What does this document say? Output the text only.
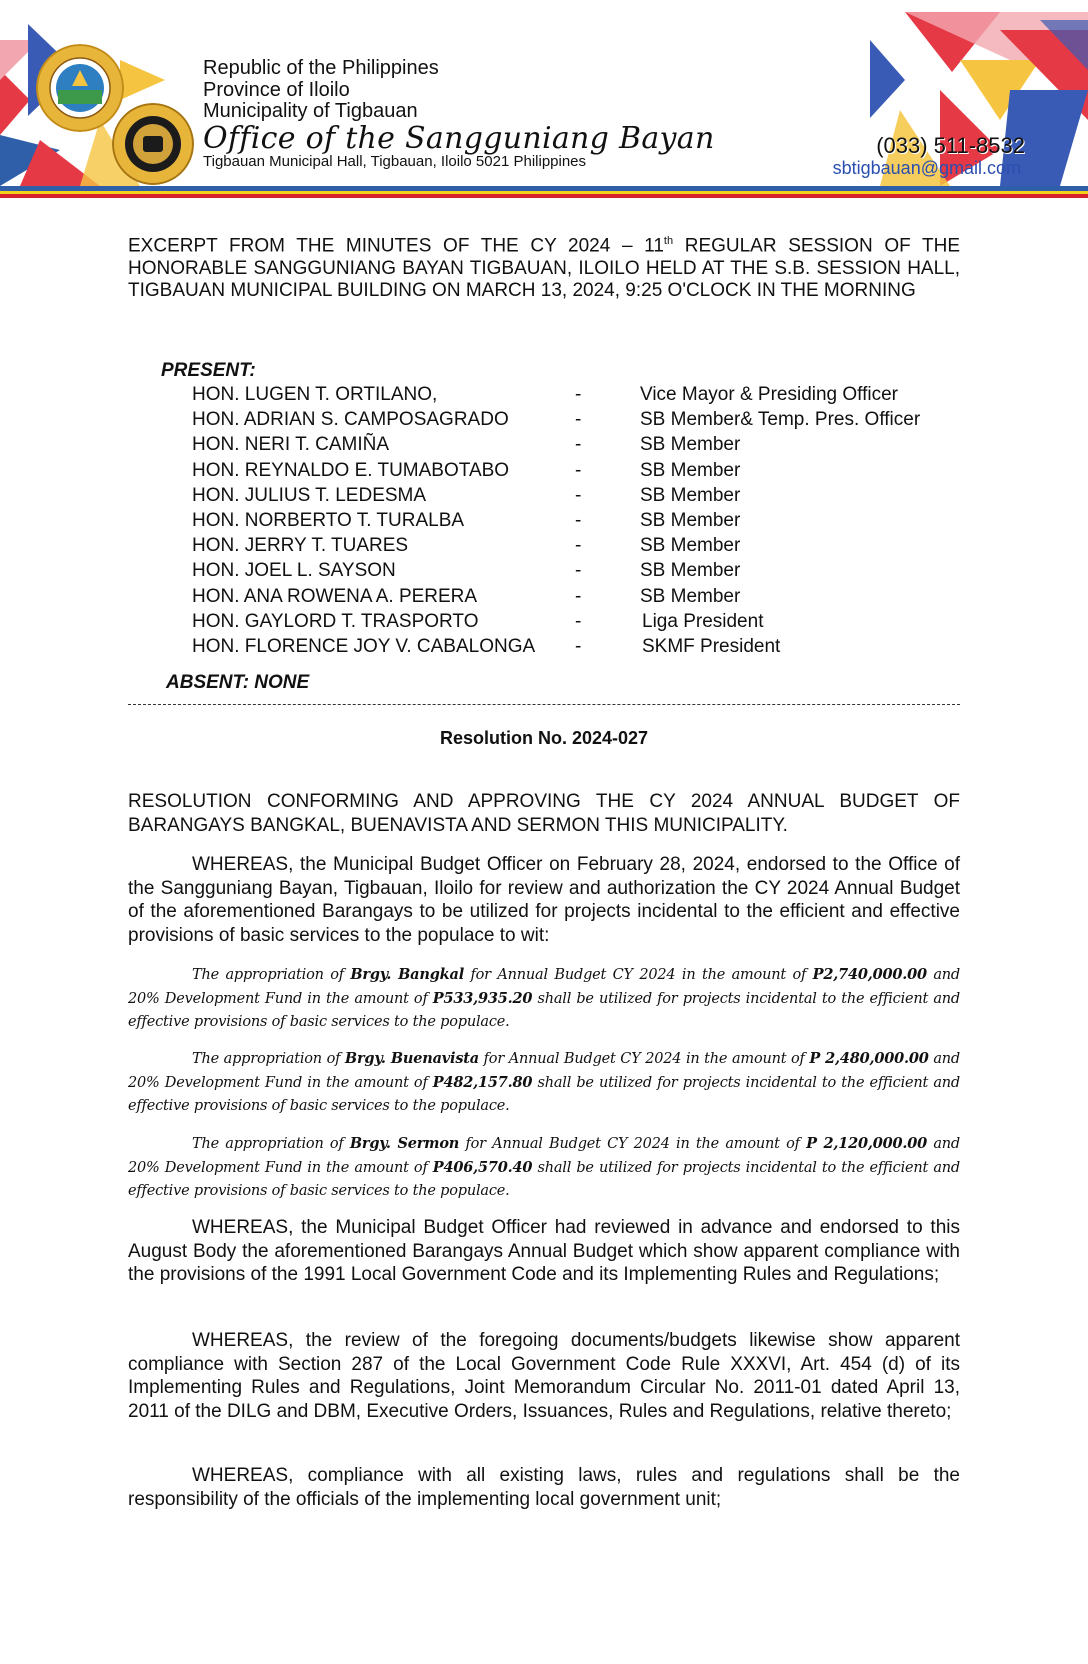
Republic of the Philippines
Province of Iloilo
Municipality of Tigbauan
Office of the Sangguniang Bayan
Tigbauan Municipal Hall, Tigbauan, Iloilo 5021 Philippines
(033) 511-8532
sbtigbauan@gmail.com
EXCERPT FROM THE MINUTES OF THE CY 2024 – 11th REGULAR SESSION OF THE HONORABLE SANGGUNIANG BAYAN TIGBAUAN, ILOILO HELD AT THE S.B. SESSION HALL, TIGBAUAN MUNICIPAL BUILDING ON MARCH 13, 2024, 9:25 O'CLOCK IN THE MORNING
PRESENT:
HON. LUGEN T. ORTILANO,	-	Vice Mayor & Presiding Officer
HON. ADRIAN S. CAMPOSAGRADO	-	SB Member& Temp. Pres. Officer
HON. NERI T. CAMIÑA	-	SB Member
HON. REYNALDO E. TUMABOTABO	-	SB Member
HON. JULIUS T. LEDESMA	-	SB Member
HON. NORBERTO T. TURALBA	-	SB Member
HON. JERRY T. TUARES	-	SB Member
HON. JOEL L. SAYSON	-	SB Member
HON. ANA ROWENA A. PERERA	-	SB Member
HON. GAYLORD T. TRASPORTO	-	Liga President
HON. FLORENCE JOY V. CABALONGA -	SKMF President
ABSENT: NONE
Resolution No. 2024-027
RESOLUTION CONFORMING AND APPROVING THE CY 2024 ANNUAL BUDGET OF BARANGAYS BANGKAL, BUENAVISTA AND SERMON THIS MUNICIPALITY.
WHEREAS, the Municipal Budget Officer on February 28, 2024, endorsed to the Office of the Sangguniang Bayan, Tigbauan, Iloilo for review and authorization the CY 2024 Annual Budget of the aforementioned Barangays to be utilized for projects incidental to the efficient and effective provisions of basic services to the populace to wit:
The appropriation of Brgy. Bangkal for Annual Budget CY 2024 in the amount of P2,740,000.00 and 20% Development Fund in the amount of P533,935.20 shall be utilized for projects incidental to the efficient and effective provisions of basic services to the populace.
The appropriation of Brgy. Buenavista for Annual Budget CY 2024 in the amount of P 2,480,000.00 and 20% Development Fund in the amount of P482,157.80 shall be utilized for projects incidental to the efficient and effective provisions of basic services to the populace.
The appropriation of Brgy. Sermon for Annual Budget CY 2024 in the amount of P 2,120,000.00 and 20% Development Fund in the amount of P406,570.40 shall be utilized for projects incidental to the efficient and effective provisions of basic services to the populace.
WHEREAS, the Municipal Budget Officer had reviewed in advance and endorsed to this August Body the aforementioned Barangays Annual Budget which show apparent compliance with the provisions of the 1991 Local Government Code and its Implementing Rules and Regulations;
WHEREAS, the review of the foregoing documents/budgets likewise show apparent compliance with Section 287 of the Local Government Code Rule XXXVI, Art. 454 (d) of its Implementing Rules and Regulations, Joint Memorandum Circular No. 2011-01 dated April 13, 2011 of the DILG and DBM, Executive Orders, Issuances, Rules and Regulations, relative thereto;
WHEREAS, compliance with all existing laws, rules and regulations shall be the responsibility of the officials of the implementing local government unit;
